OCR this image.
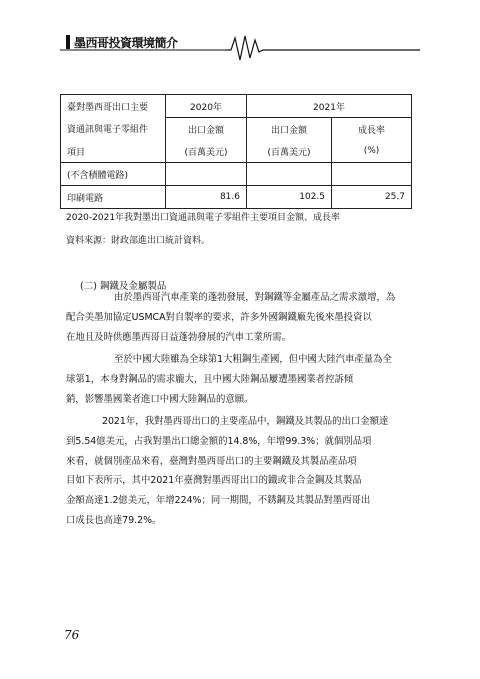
墨西哥投資環境簡介
臺對墨西哥出口主要	2020年	2021年	
資通訊與電子零組件	出口金額	出口金額	成長率
項目	(百萬美元)	(百萬美元)	(%)
(不含積體電路)			
印刷電路	81.6	102.5	25.7
2020-2021年我對墨出口資通訊與電子零組件主要項目金額、成長率
資料來源：財政部進出口統計資料。
(二) 鋼鐵及金屬製品

由於墨西哥汽車產業的蓬勃發展，對鋼鐵等金屬產品之需求激增，為

配合美墨加協定USMCA對自製率的要求，許多外國鋼鐵廠先後來墨投資以

在地且及時供應墨西哥日益蓬勃發展的汽車工業所需。

至於中國大陸雖為全球第1大粗鋼生產國，但中國大陸汽車產量為全

球第1，本身對鋼品的需求龐大，且中國大陸鋼品屢遭墨國業者控訴傾

銷，影響墨國業者進口中國大陸鋼品的意願。

2021年，我對墨西哥出口的主要產品中，鋼鐵及其製品的出口金額達

到5.54億美元，占我對墨出口總金額的14.8%，年增99.3%；就個別品項

來看，就個別產品來看，臺灣對墨西哥出口的主要鋼鐵及其製品產品項

目如下表所示，其中2021年臺灣對墨西哥出口的鐵或非合金鋼及其製品

金額高達1.2億美元，年增224%；同一期間，不銹鋼及其製品對墨西哥出

口成長也高達79.2%。

76
